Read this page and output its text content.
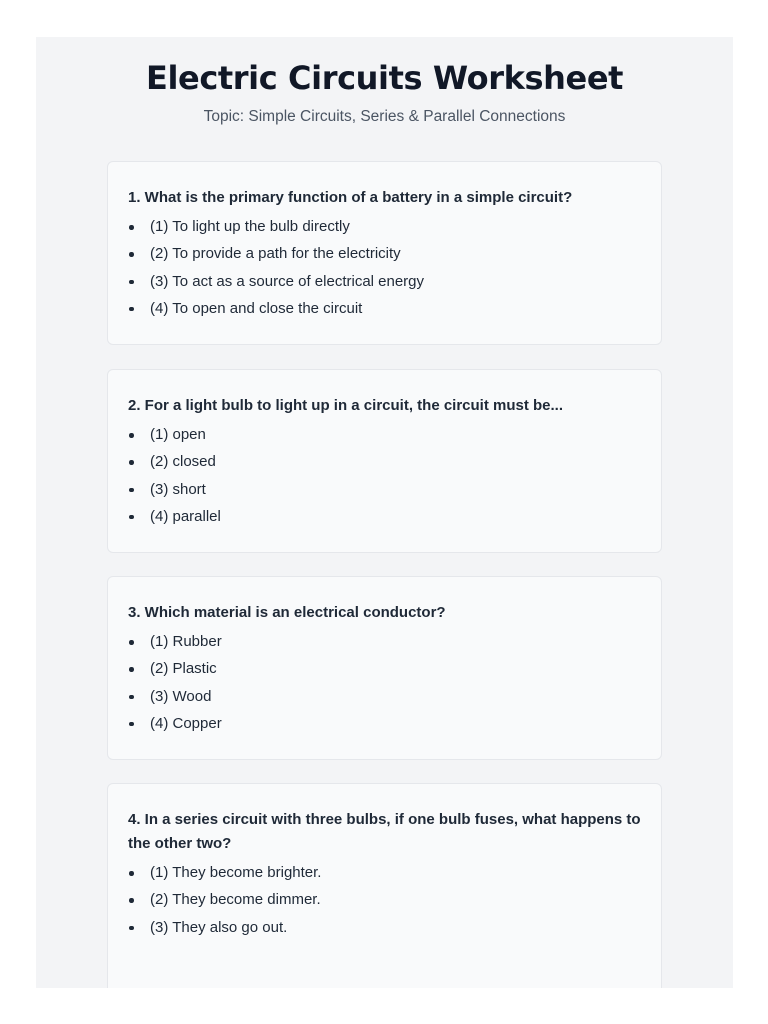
Electric Circuits Worksheet

Topic: Simple Circuits, Series & Parallel Connections

1. What is the primary function of a battery in a simple circuit?

(1) To light up the bulb directly
(2) To provide a path for the electricity
(3) To act as a source of electrical energy
(4) To open and close the circuit

2. For a light bulb to light up in a circuit, the circuit must be...

(1) open
(2) closed
(3) short
(4) parallel

3. Which material is an electrical conductor?

(1) Rubber
(2) Plastic
(3) Wood
(4) Copper

4. In a series circuit with three bulbs, if one bulb fuses, what happens to the other two?

(1) They become brighter.
(2) They become dimmer.
(3) They also go out.
